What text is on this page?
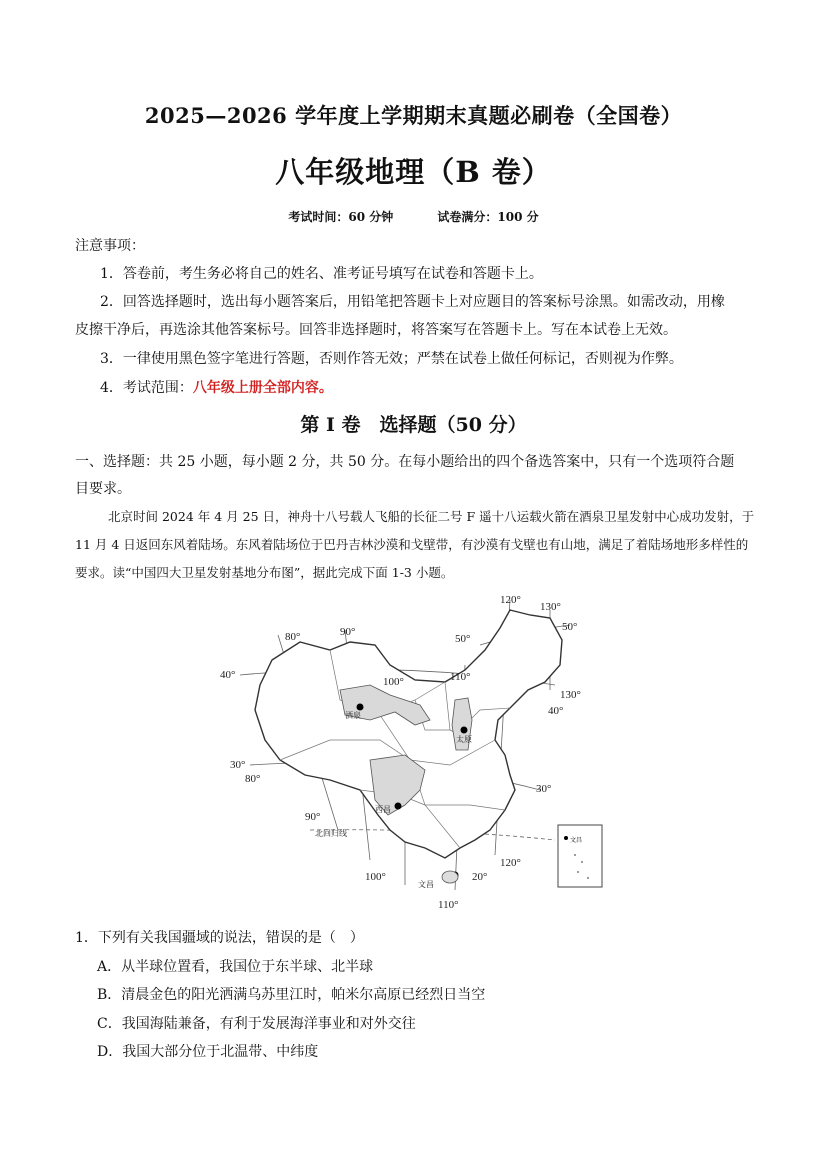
2025—2026 学年度上学期期末真题必刷卷（全国卷）
八年级地理（B 卷）
考试时间：60 分钟	试卷满分：100 分
注意事项：
1．答卷前，考生务必将自己的姓名、准考证号填写在试卷和答题卡上。
2．回答选择题时，选出每小题答案后，用铅笔把答题卡上对应题目的答案标号涂黑。如需改动，用橡
皮擦干净后，再选涂其他答案标号。回答非选择题时，将答案写在答题卡上。写在本试卷上无效。
3．一律使用黑色签字笔进行答题，否则作答无效；严禁在试卷上做任何标记，否则视为作弊。
4．考试范围：八年级上册全部内容。
第 I 卷　选择题（50 分）
一、选择题：共 25 小题，每小题 2 分，共 50 分。在每小题给出的四个备选答案中，只有一个选项符合题
目要求。
北京时间 2024 年 4 月 25 日，神舟十八号载人飞船的长征二号 F 遥十八运载火箭在酒泉卫星发射中心成功发射，于 11 月 4 日返回东风着陆场。东风着陆场位于巴丹吉林沙漠和戈壁带，有沙漠有戈壁也有山地，满足了着陆场地形多样性的要求。读“中国四大卫星发射基地分布图”，据此完成下面 1-3 小题。
文昌
120°
130°
50°
50°
80°	90°
40°
100°	110°
130°
40°
30°
80°
30°
90°
120°
100°	20°
110°
北回归线
酒泉
太原
西昌
文昌
1．下列有关我国疆域的说法，错误的是（　）
A．从半球位置看，我国位于东半球、北半球
B．清晨金色的阳光洒满乌苏里江时，帕米尔高原已经烈日当空
C．我国海陆兼备，有利于发展海洋事业和对外交往
D．我国大部分位于北温带、中纬度
